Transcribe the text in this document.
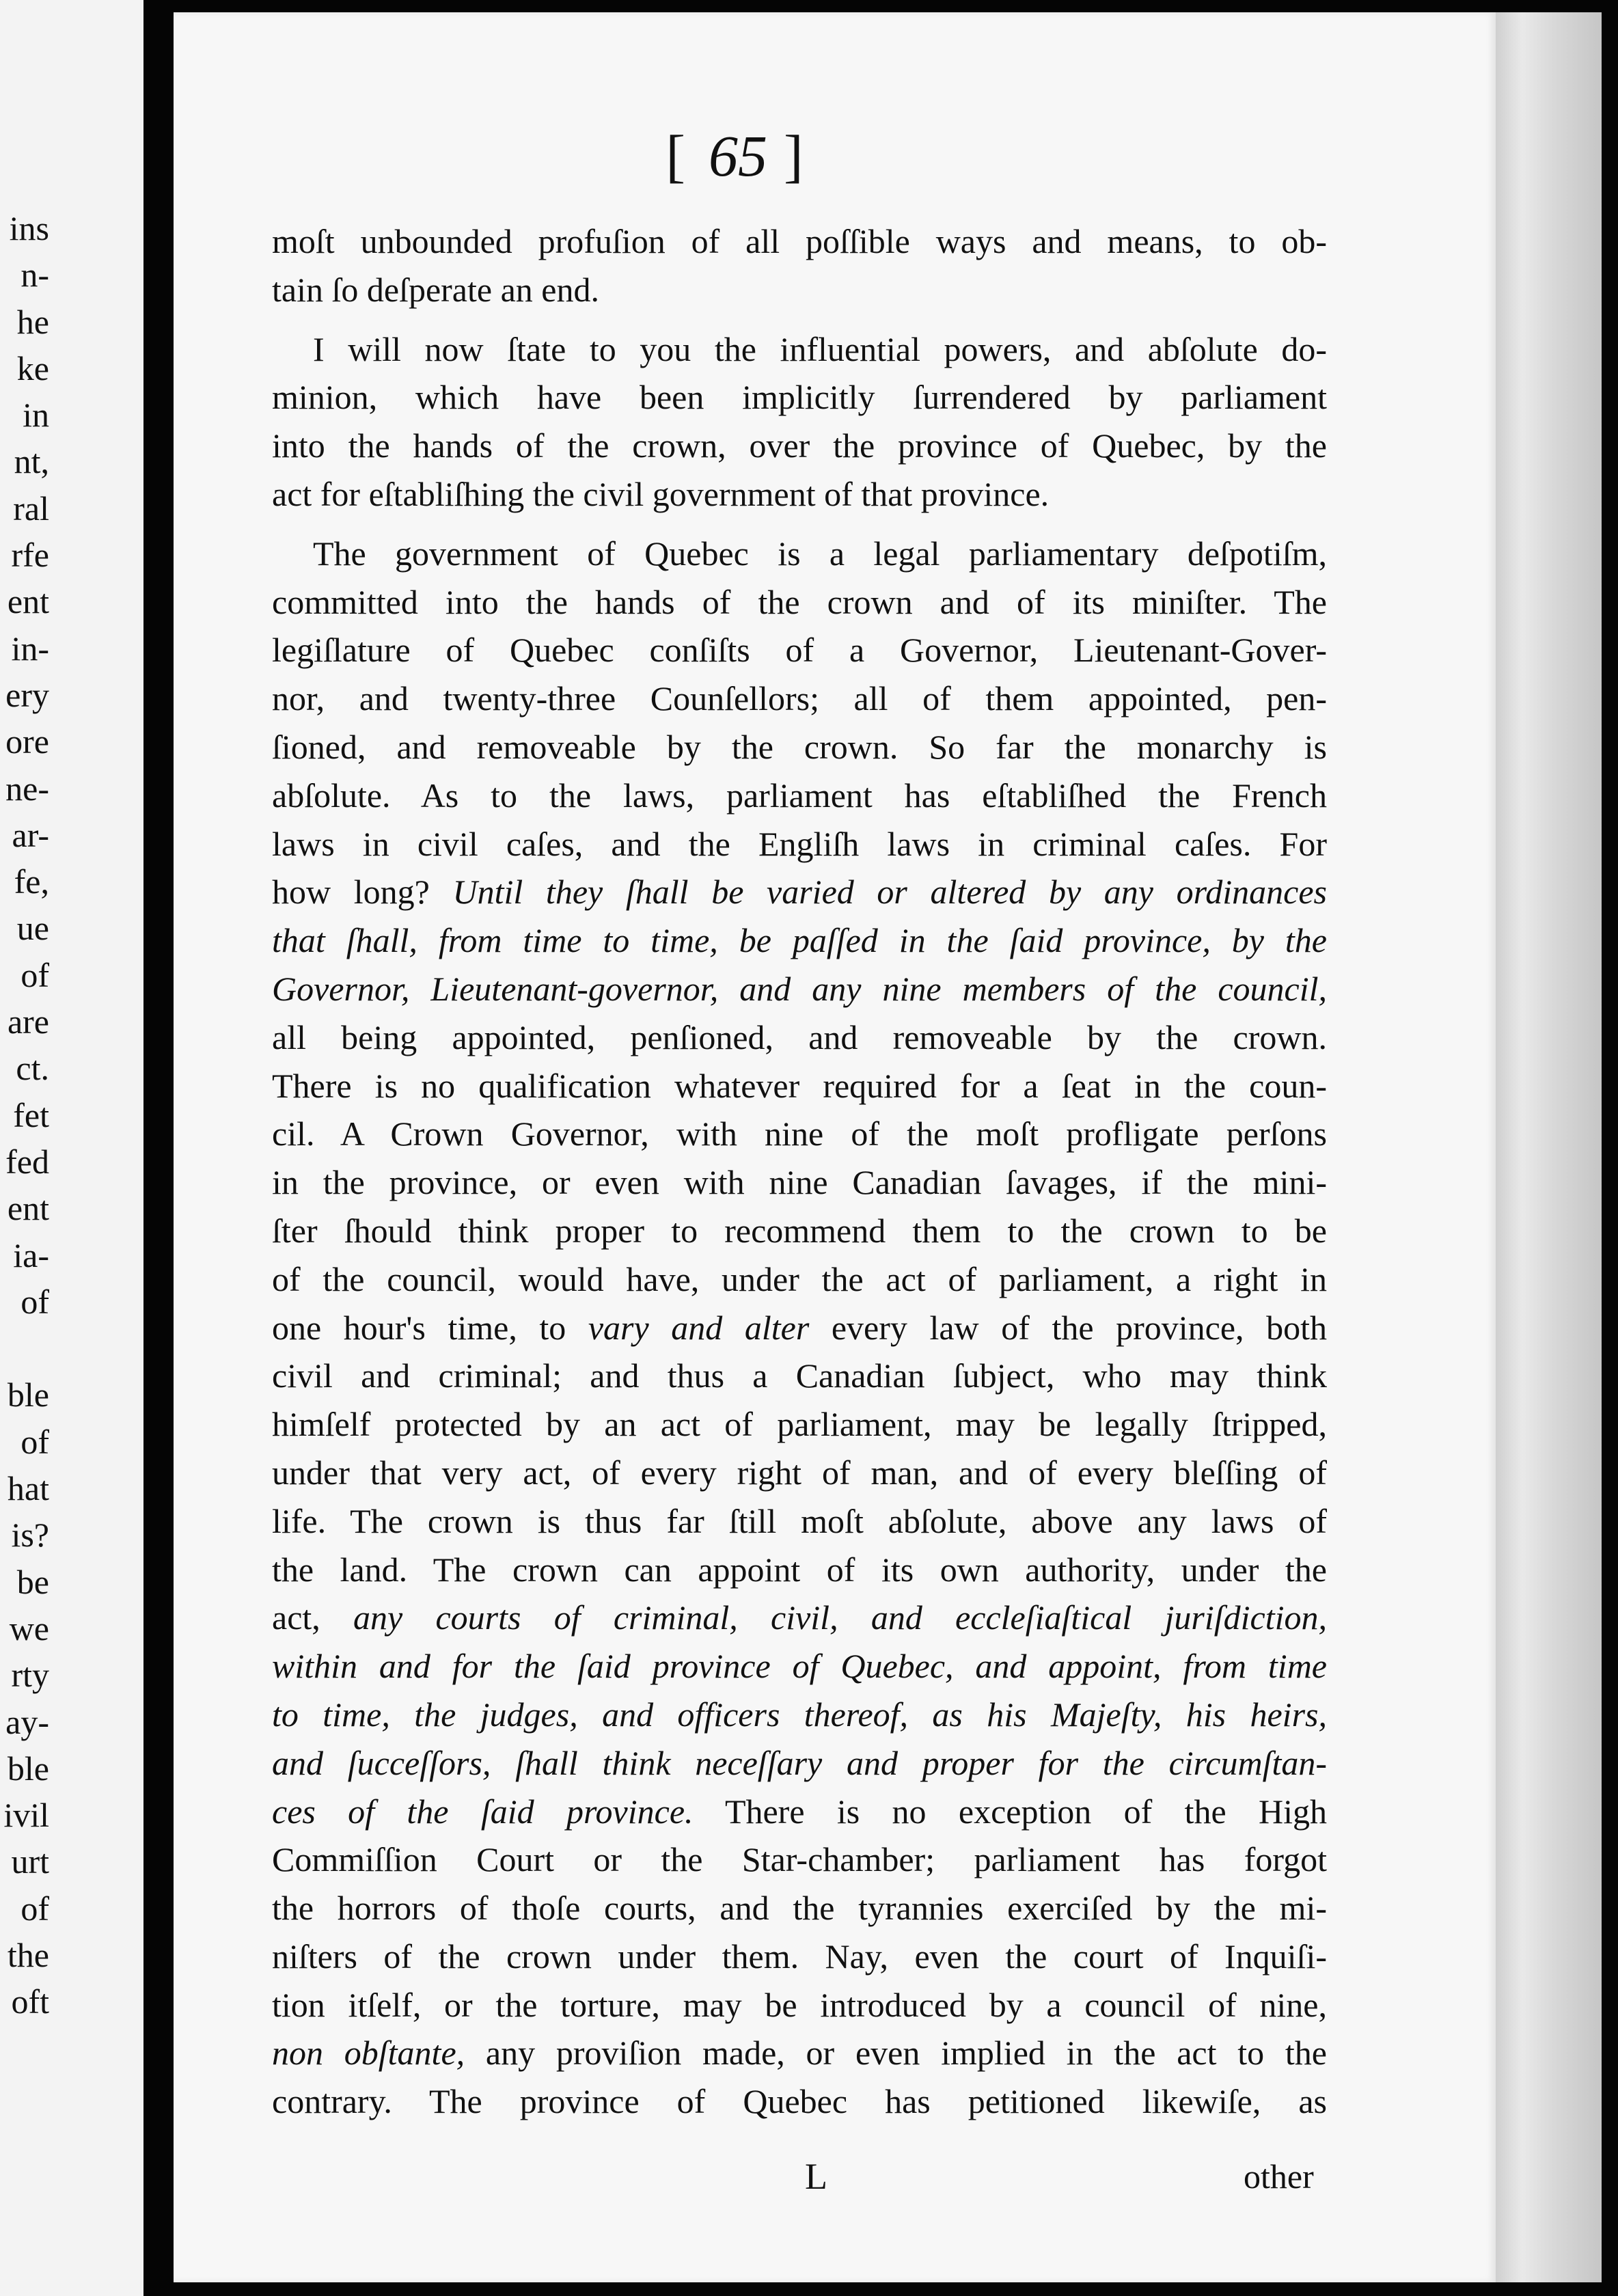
ins
n-
he
ke
in
nt,
ral
rfe
ent
in-
ery
ore
ne-
ar-
fe,
ue
of
are
ct.
fet
fed
ent
ia-
of
ble
of
hat
is?
be
we
rty
ay-
ble
ivil
urt
of
the
oft
[ 65 ]
moſt unbounded profuſion of all poſſible ways and means, to ob-
tain ſo deſperate an end.
I will now ſtate to you the influential powers, and abſolute do-
minion, which have been implicitly ſurrendered by parliament
into the hands of the crown, over the province of Quebec, by the
act for eſtabliſhing the civil government of that province.
The government of Quebec is a legal parliamentary deſpotiſm,
committed into the hands of the crown and of its miniſter. The
legiſlature of Quebec conſiſts of a Governor, Lieutenant-Gover-
nor, and twenty-three Counſellors; all of them appointed, pen-
ſioned, and removeable by the crown. So far the monarchy is
abſolute. As to the laws, parliament has eſtabliſhed the French
laws in civil caſes, and the Engliſh laws in criminal caſes. For
how long? Until they ſhall be varied or altered by any ordinances
that ſhall, from time to time, be paſſed in the ſaid province, by the
Governor, Lieutenant-governor, and any nine members of the council,
all being appointed, penſioned, and removeable by the crown.
There is no qualification whatever required for a ſeat in the coun-
cil. A Crown Governor, with nine of the moſt profligate perſons
in the province, or even with nine Canadian ſavages, if the mini-
ſter ſhould think proper to recommend them to the crown to be
of the council, would have, under the act of parliament, a right in
one hour's time, to vary and alter every law of the province, both
civil and criminal; and thus a Canadian ſubject, who may think
himſelf protected by an act of parliament, may be legally ſtripped,
under that very act, of every right of man, and of every bleſſing of
life. The crown is thus far ſtill moſt abſolute, above any laws of
the land. The crown can appoint of its own authority, under the
act, any courts of criminal, civil, and eccleſiaſtical juriſdiction,
within and for the ſaid province of Quebec, and appoint, from time
to time, the judges, and officers thereof, as his Majeſty, his heirs,
and ſucceſſors, ſhall think neceſſary and proper for the circumſtan-
ces of the ſaid province. There is no exception of the High
Commiſſion Court or the Star-chamber; parliament has forgot
the horrors of thoſe courts, and the tyrannies exerciſed by the mi-
niſters of the crown under them. Nay, even the court of Inquiſi-
tion itſelf, or the torture, may be introduced by a council of nine,
non obſtante, any proviſion made, or even implied in the act to the
contrary. The province of Quebec has petitioned likewiſe, as
L	other
